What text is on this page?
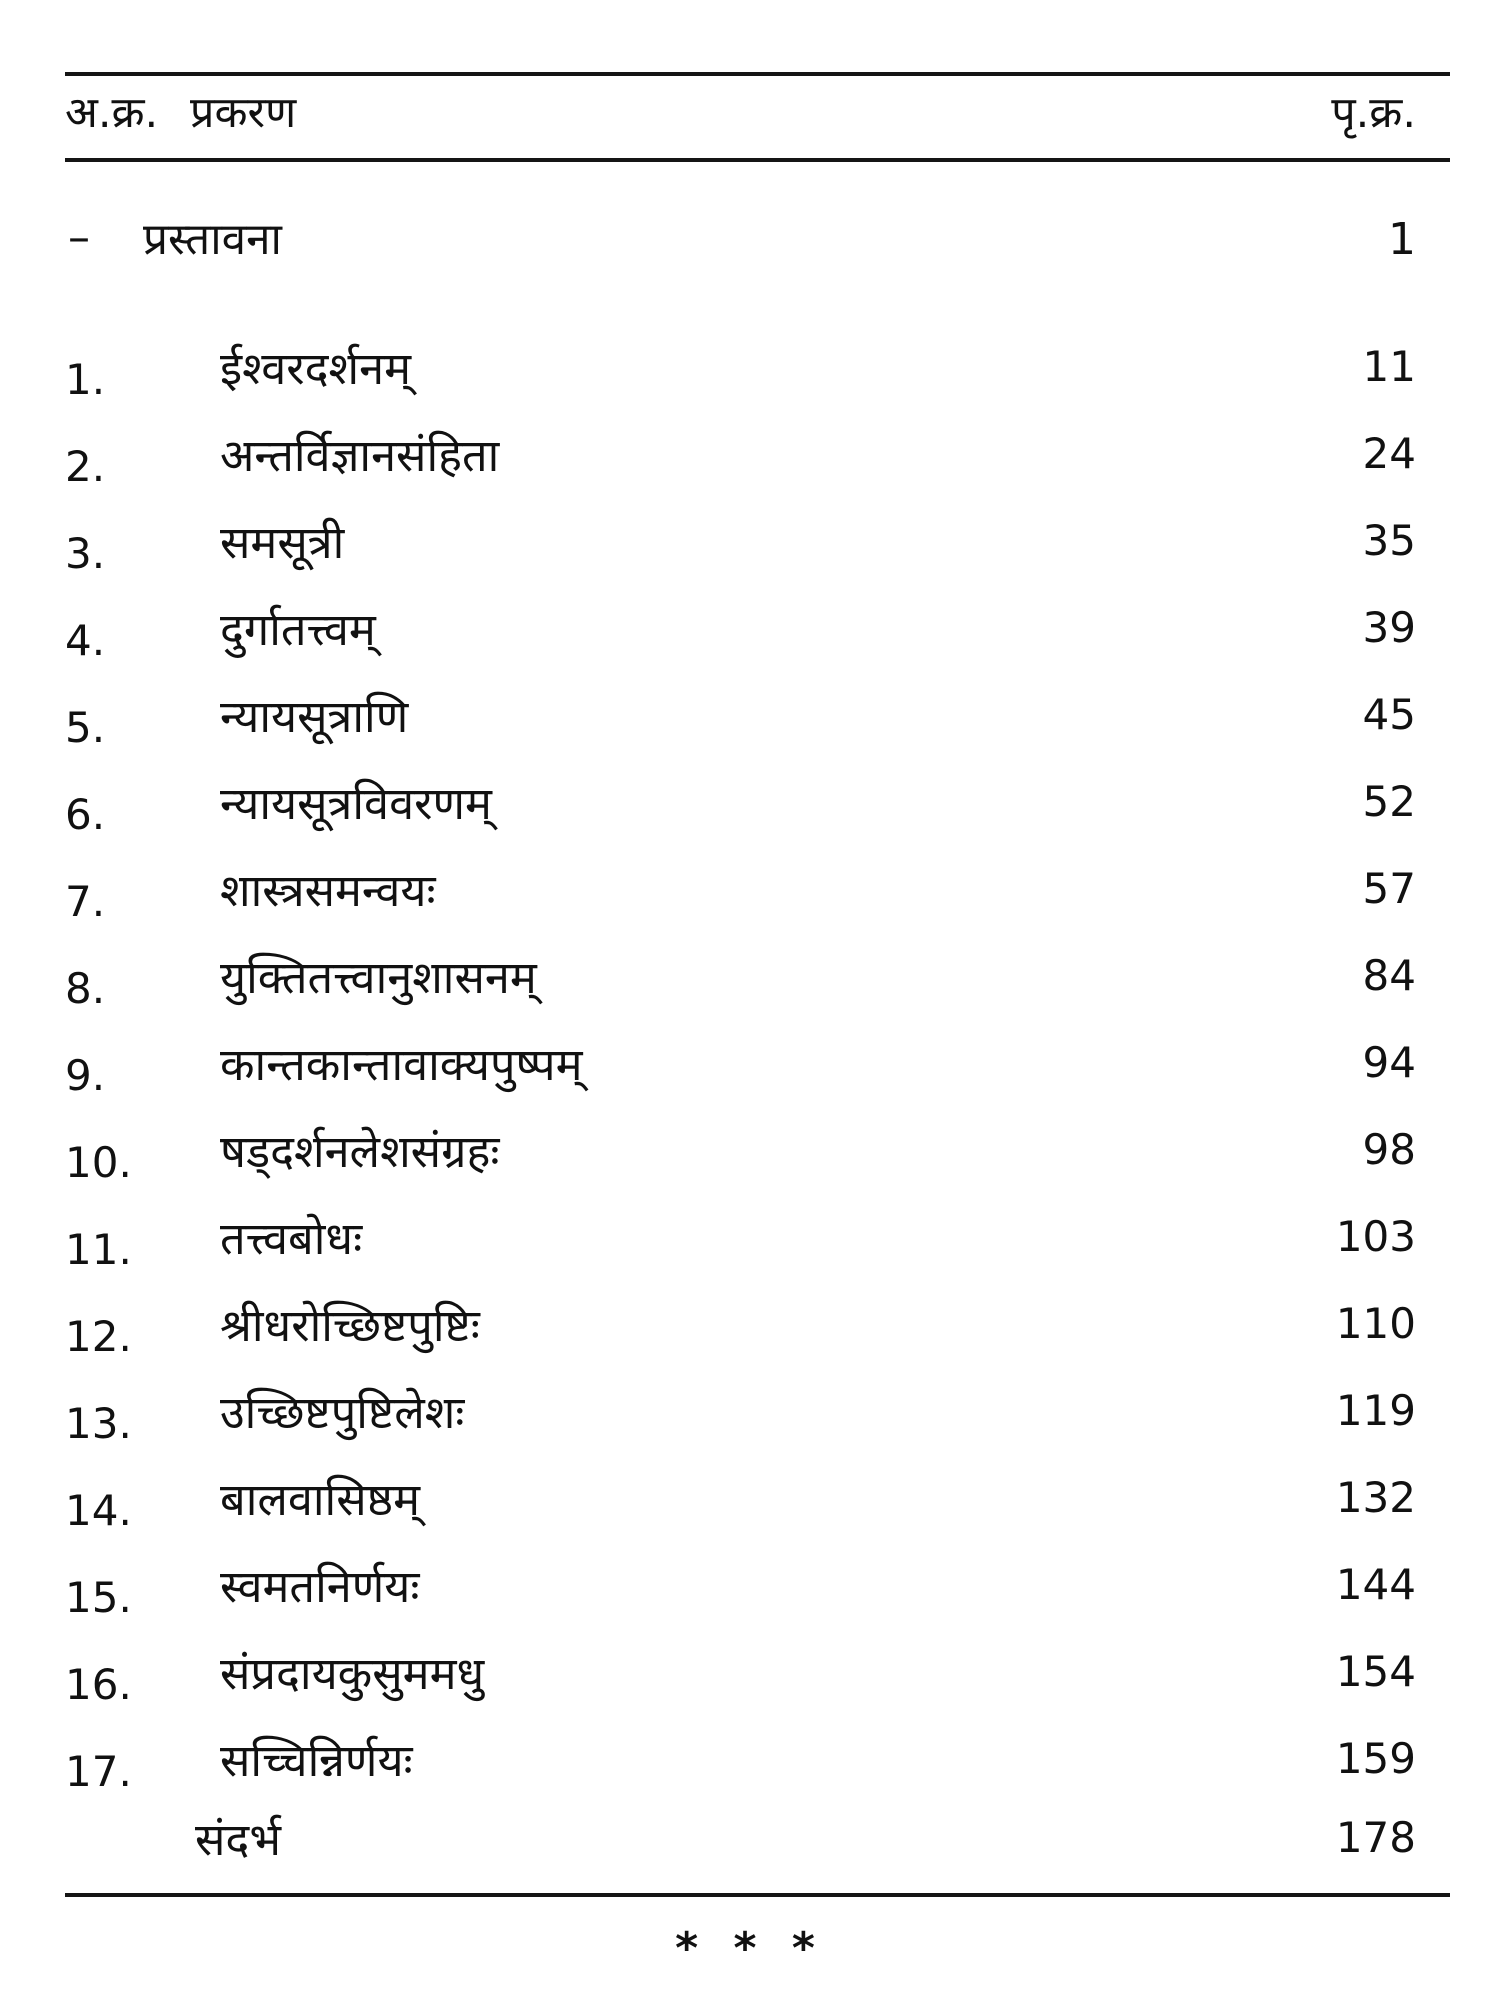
अ.क्र. प्रकरण	पृ.क्र.
– प्रस्तावना	1
1.	ईश्वरदर्शनम्	11
2.	अन्तर्विज्ञानसंहिता	24
3.	समसूत्री	35
4.	दुर्गातत्त्वम्	39
5.	न्यायसूत्राणि	45
6.	न्यायसूत्रविवरणम्	52
7.	शास्त्रसमन्वयः	57
8.	युक्तितत्त्वानुशासनम्	84
9.	कान्तकान्तावाक्यपुष्पम्	94
10. षड्दर्शनलेशसंग्रहः	98
11. तत्त्वबोधः	103
12. श्रीधरोच्छिष्टपुष्टिः	110
13. उच्छिष्टपुष्टिलेशः	119
14. बालवासिष्ठम्	132
15. स्वमतनिर्णयः	144
16. संप्रदायकुसुममधु	154
17. सच्चिन्निर्णयः	159
संदर्भ	178
* * *
